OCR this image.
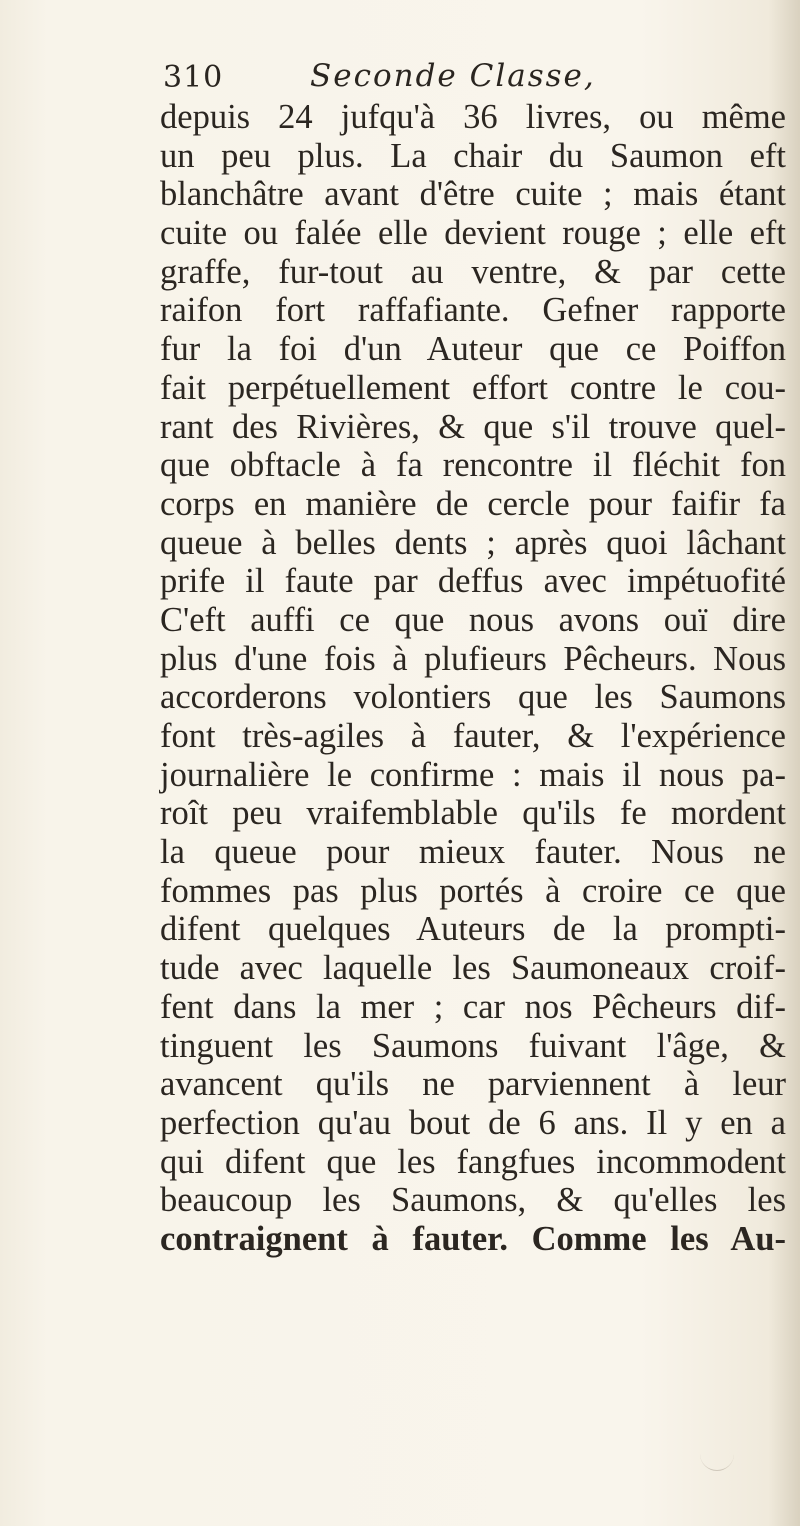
310	Seconde Classe,
depuis 24 jufqu'à 36 livres, ou même
un peu plus. La chair du Saumon eft
blanchâtre avant d'être cuite ; mais étant
cuite ou falée elle devient rouge ; elle eft
graffe, fur-tout au ventre, & par cette
raifon fort raffafiante. Gefner rapporte
fur la foi d'un Auteur que ce Poiffon
fait perpétuellement effort contre le cou-
rant des Rivières, & que s'il trouve quel-
que obftacle à fa rencontre il fléchit fon
corps en manière de cercle pour faifir fa
queue à belles dents ; après quoi lâchant
prife il faute par deffus avec impétuofité
C'eft auffi ce que nous avons ouï dire
plus d'une fois à plufieurs Pêcheurs. Nous
accorderons volontiers que les Saumons
font très-agiles à fauter, & l'expérience
journalière le confirme : mais il nous pa-
roît peu vraifemblable qu'ils fe mordent
la queue pour mieux fauter. Nous ne
fommes pas plus portés à croire ce que
difent quelques Auteurs de la prompti-
tude avec laquelle les Saumoneaux croif-
fent dans la mer ; car nos Pêcheurs dif-
tinguent les Saumons fuivant l'âge, &
avancent qu'ils ne parviennent à leur
perfection qu'au bout de 6 ans. Il y en a
qui difent que les fangfues incommodent
beaucoup les Saumons, & qu'elles les
contraignent à fauter. Comme les Au-
